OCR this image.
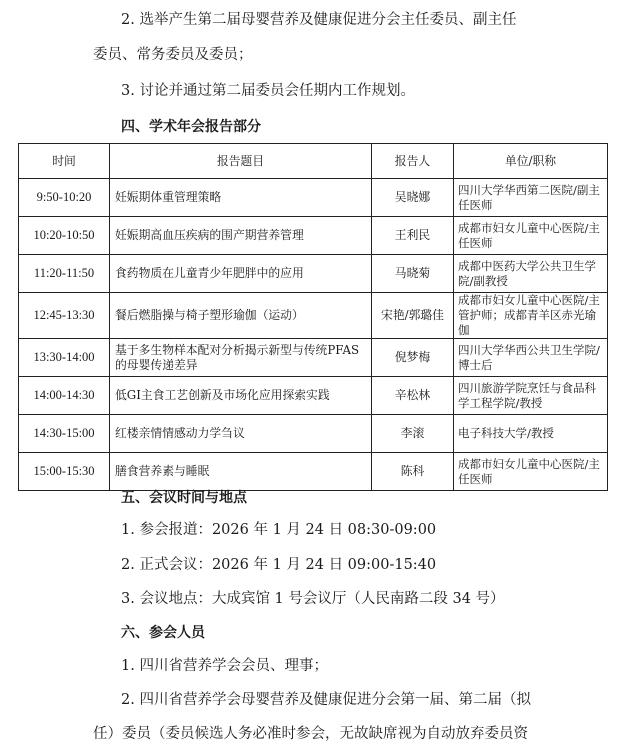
2. 选举产生第二届母婴营养及健康促进分会主任委员、副主任
委员、常务委员及委员；
3. 讨论并通过第二届委员会任期内工作规划。
四、学术年会报告部分
时间	报告题目	报告人	单位/职称
9:50-10:20	妊娠期体重管理策略	吴晓娜	四川大学华西第二医院/副主任医师
10:20-10:50	妊娠期高血压疾病的围产期营养管理	王利民	成都市妇女儿童中心医院/主任医师
11:20-11:50	食药物质在儿童青少年肥胖中的应用	马晓菊	成都中医药大学公共卫生学院/副教授
12:45-13:30	餐后燃脂操与椅子塑形瑜伽（运动）	宋艳/郭璐佳	成都市妇女儿童中心医院/主管护师；成都青羊区赤光瑜伽
13:30-14:00	基于多生物样本配对分析揭示新型与传统PFAS的母婴传递差异	倪梦梅	四川大学华西公共卫生学院/博士后
14:00-14:30	低GI主食工艺创新及市场化应用探索实践	辛松林	四川旅游学院烹饪与食品科学工程学院/教授
14:30-15:00	红楼亲情情感动力学刍议	李滚	电子科技大学/教授
15:00-15:30	膳食营养素与睡眠	陈科	成都市妇女儿童中心医院/主任医师
五、会议时间与地点
1. 参会报道：2026 年 1 月 24 日 08:30-09:00
2. 正式会议：2026 年 1 月 24 日 09:00-15:40
3. 会议地点：大成宾馆 1 号会议厅（人民南路二段 34 号）
六、参会人员
1. 四川省营养学会会员、理事；
2. 四川省营养学会母婴营养及健康促进分会第一届、第二届（拟
任）委员（委员候选人务必准时参会，无故缺席视为自动放弃委员资
